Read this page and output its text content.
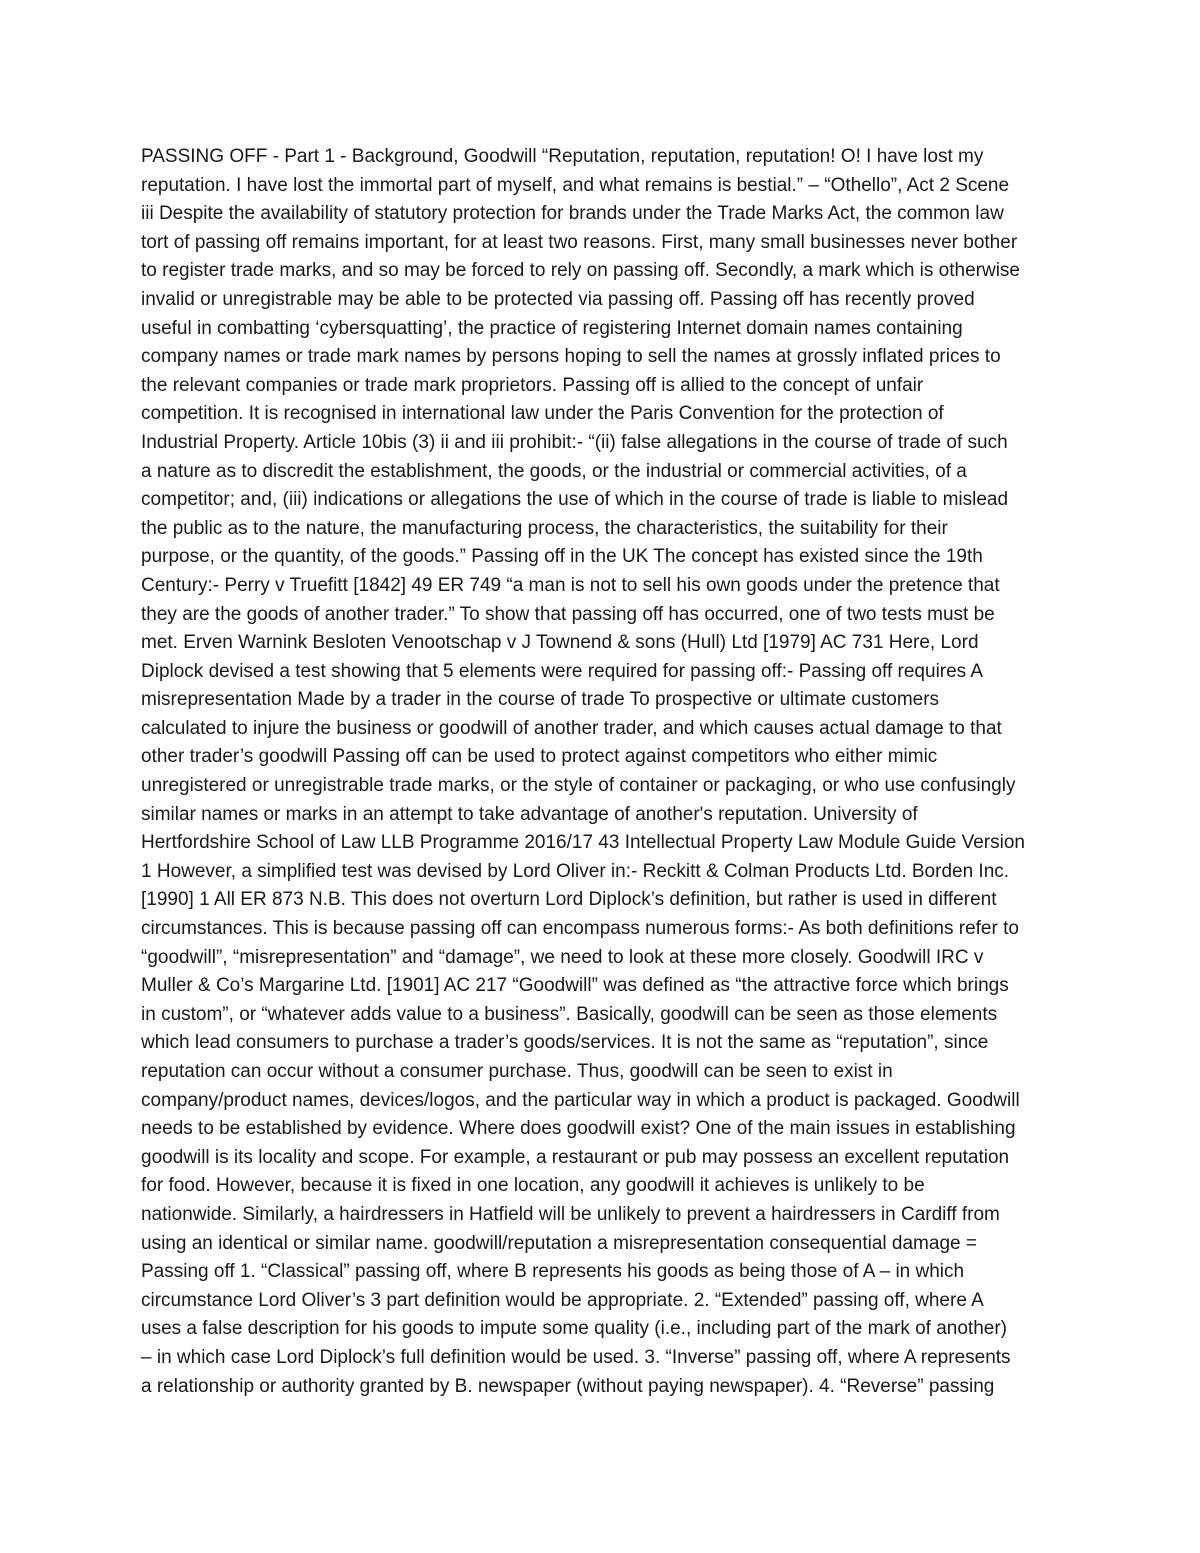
PASSING OFF - Part 1 - Background, Goodwill “Reputation, reputation, reputation! O! I have lost my
reputation. I have lost the immortal part of myself, and what remains is bestial.” – “Othello”, Act 2 Scene
iii Despite the availability of statutory protection for brands under the Trade Marks Act, the common law
tort of passing off remains important, for at least two reasons. First, many small businesses never bother
to register trade marks, and so may be forced to rely on passing off. Secondly, a mark which is otherwise
invalid or unregistrable may be able to be protected via passing off. Passing off has recently proved
useful in combatting ‘cybersquatting’, the practice of registering Internet domain names containing
company names or trade mark names by persons hoping to sell the names at grossly inflated prices to
the relevant companies or trade mark proprietors. Passing off is allied to the concept of unfair
competition. It is recognised in international law under the Paris Convention for the protection of
Industrial Property. Article 10bis (3) ii and iii prohibit:- “(ii) false allegations in the course of trade of such
a nature as to discredit the establishment, the goods, or the industrial or commercial activities, of a
competitor; and, (iii) indications or allegations the use of which in the course of trade is liable to mislead
the public as to the nature, the manufacturing process, the characteristics, the suitability for their
purpose, or the quantity, of the goods.” Passing off in the UK The concept has existed since the 19th
Century:- Perry v Truefitt [1842] 49 ER 749 “a man is not to sell his own goods under the pretence that
they are the goods of another trader.” To show that passing off has occurred, one of two tests must be
met. Erven Warnink Besloten Venootschap v J Townend & sons (Hull) Ltd [1979] AC 731 Here, Lord
Diplock devised a test showing that 5 elements were required for passing off:- Passing off requires A
misrepresentation Made by a trader in the course of trade To prospective or ultimate customers
calculated to injure the business or goodwill of another trader, and which causes actual damage to that
other trader’s goodwill Passing off can be used to protect against competitors who either mimic
unregistered or unregistrable trade marks, or the style of container or packaging, or who use confusingly
similar names or marks in an attempt to take advantage of another's reputation. University of
Hertfordshire School of Law LLB Programme 2016/17 43 Intellectual Property Law Module Guide Version
1 However, a simplified test was devised by Lord Oliver in:- Reckitt & Colman Products Ltd. Borden Inc.
[1990] 1 All ER 873 N.B. This does not overturn Lord Diplock’s definition, but rather is used in different
circumstances. This is because passing off can encompass numerous forms:- As both definitions refer to
“goodwill”, “misrepresentation” and “damage”, we need to look at these more closely. Goodwill IRC v
Muller & Co’s Margarine Ltd. [1901] AC 217 “Goodwill” was defined as “the attractive force which brings
in custom”, or “whatever adds value to a business”. Basically, goodwill can be seen as those elements
which lead consumers to purchase a trader’s goods/services. It is not the same as “reputation”, since
reputation can occur without a consumer purchase. Thus, goodwill can be seen to exist in
company/product names, devices/logos, and the particular way in which a product is packaged. Goodwill
needs to be established by evidence. Where does goodwill exist? One of the main issues in establishing
goodwill is its locality and scope. For example, a restaurant or pub may possess an excellent reputation
for food. However, because it is fixed in one location, any goodwill it achieves is unlikely to be
nationwide. Similarly, a hairdressers in Hatfield will be unlikely to prevent a hairdressers in Cardiff from
using an identical or similar name. goodwill/reputation a misrepresentation consequential damage =
Passing off 1. “Classical” passing off, where B represents his goods as being those of A – in which
circumstance Lord Oliver’s 3 part definition would be appropriate. 2. “Extended” passing off, where A
uses a false description for his goods to impute some quality (i.e., including part of the mark of another)
– in which case Lord Diplock’s full definition would be used. 3. “Inverse” passing off, where A represents
a relationship or authority granted by B. newspaper (without paying newspaper). 4. “Reverse” passing
